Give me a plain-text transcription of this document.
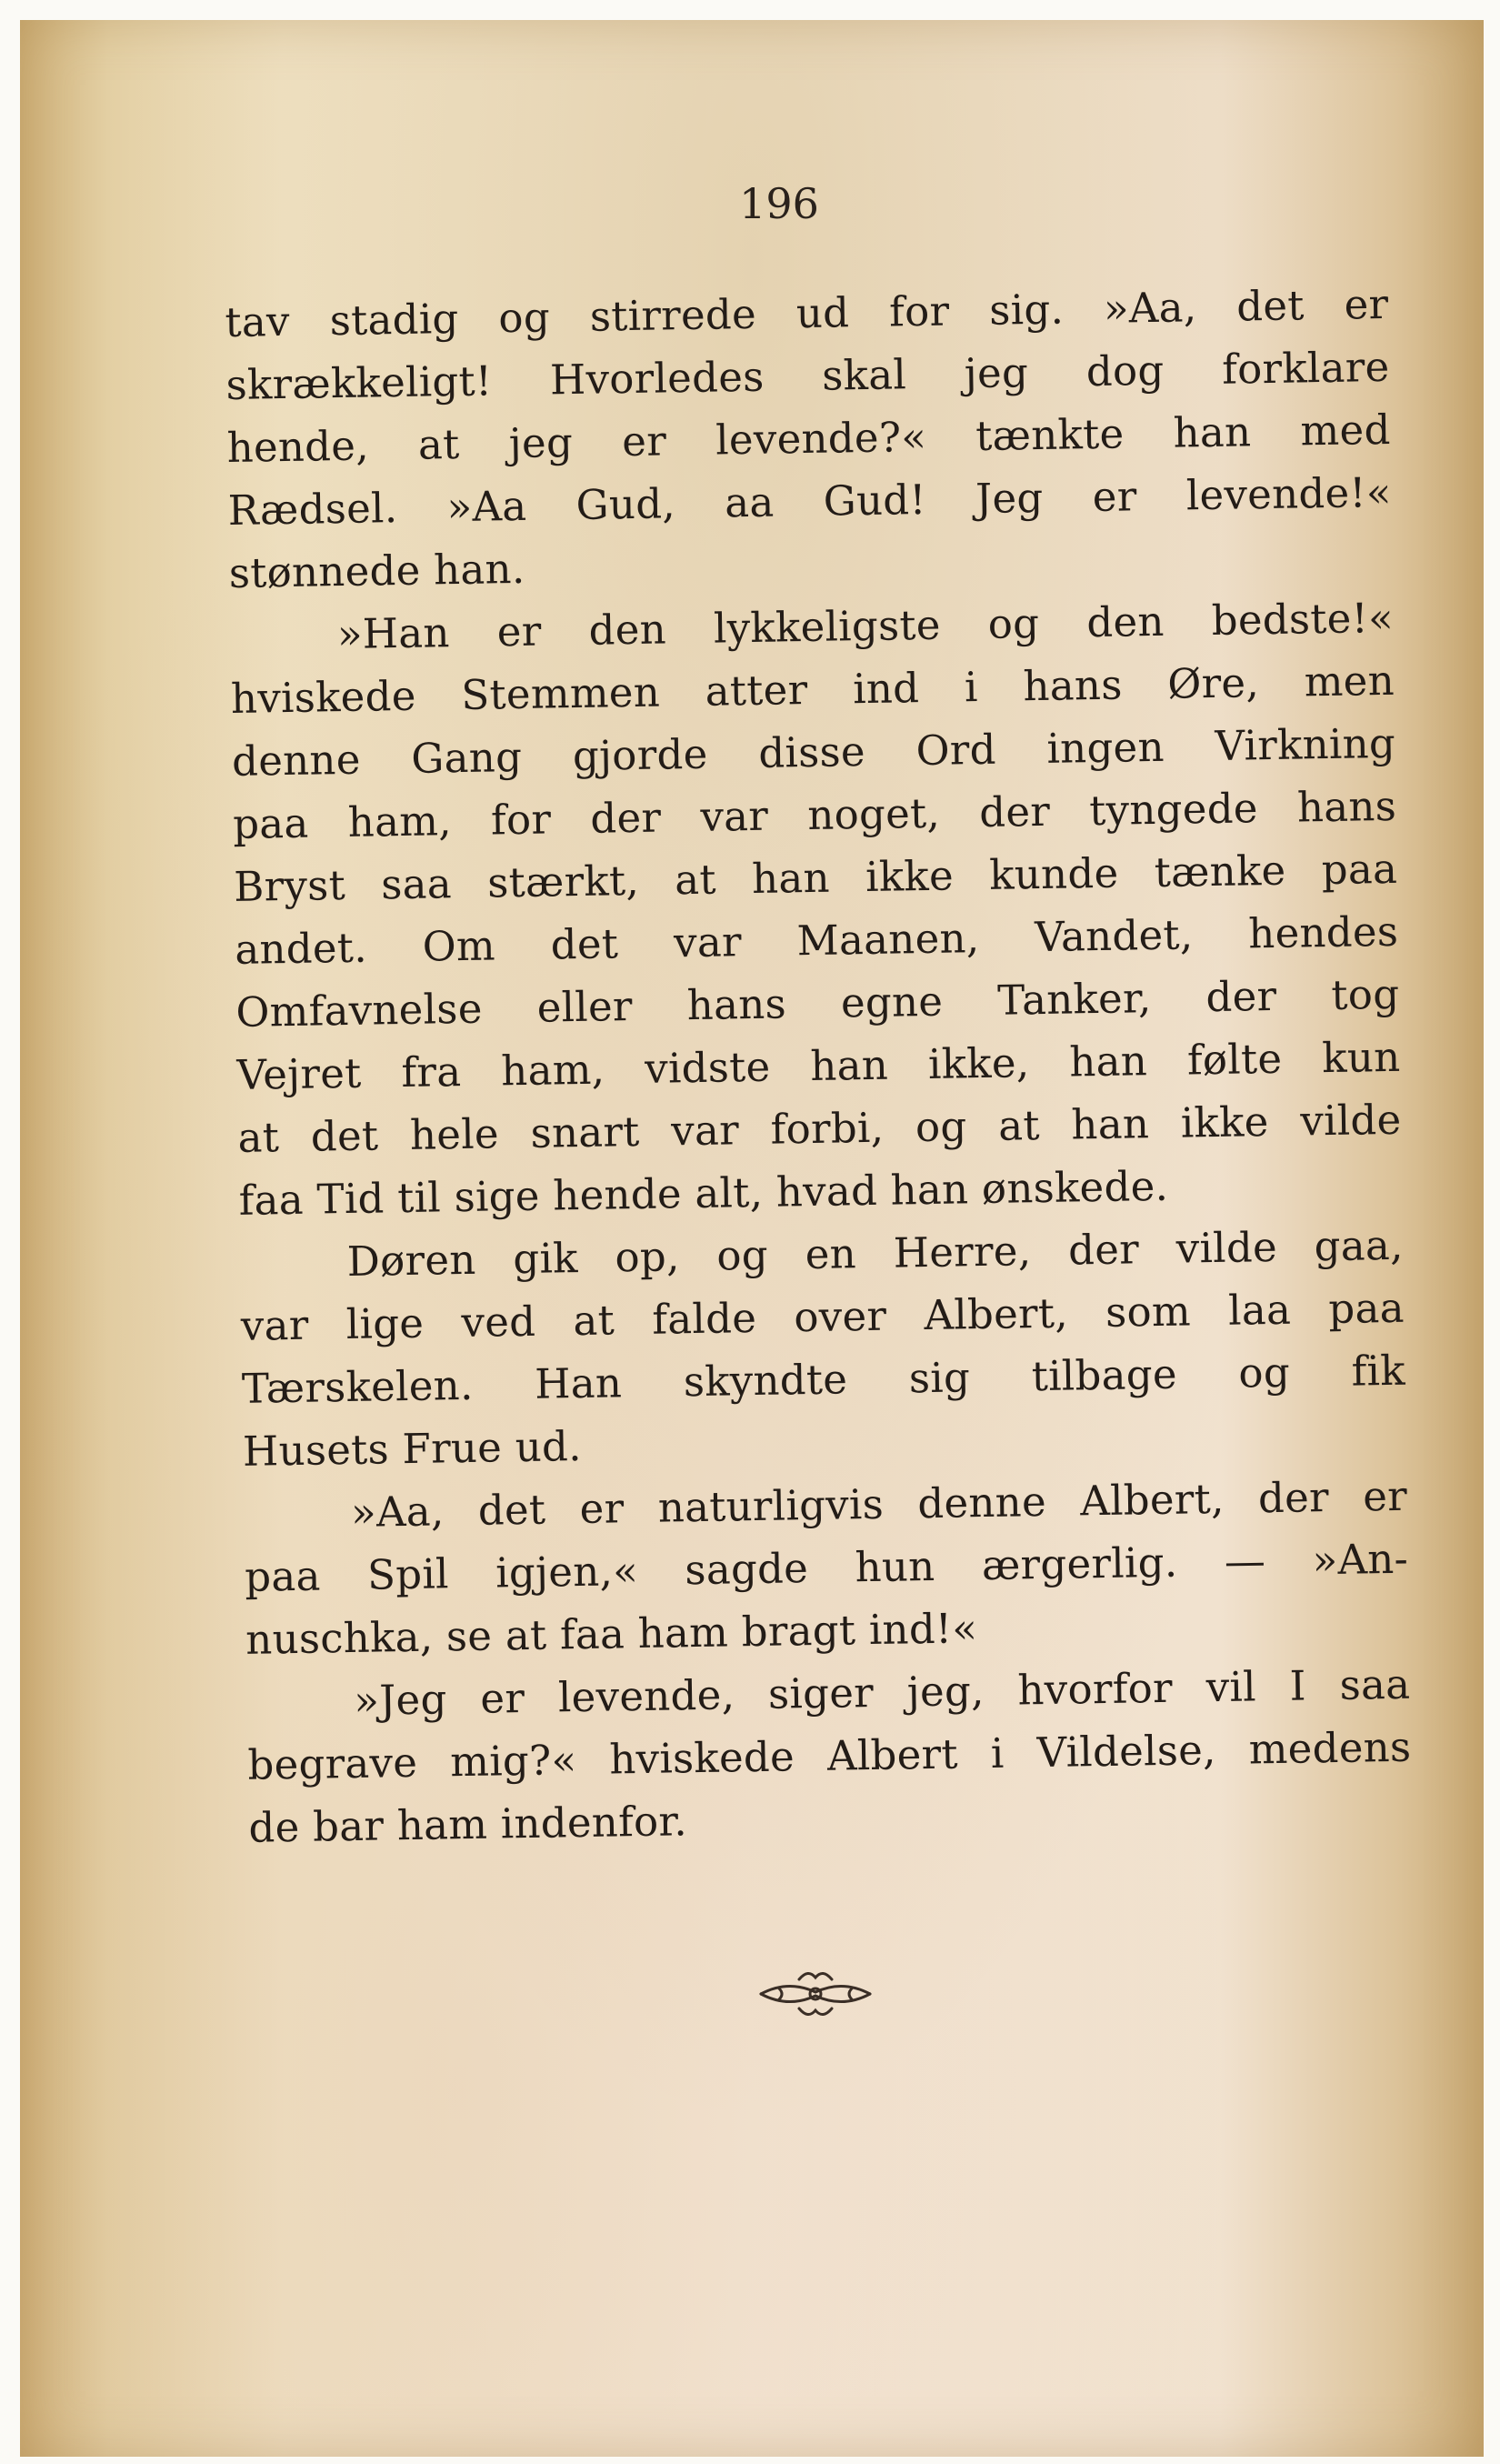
196

tav stadig og stirrede ud for sig. »Aa, det er
skrækkeligt! Hvorledes skal jeg dog forklare
hende, at jeg er levende?« tænkte han med
Rædsel. »Aa Gud, aa Gud! Jeg er levende!«
stønnede han.
»Han er den lykkeligste og den bedste!«
hviskede Stemmen atter ind i hans Øre, men
denne Gang gjorde disse Ord ingen Virkning
paa ham, for der var noget, der tyngede hans
Bryst saa stærkt, at han ikke kunde tænke paa
andet. Om det var Maanen, Vandet, hendes
Omfavnelse eller hans egne Tanker, der tog
Vejret fra ham, vidste han ikke, han følte kun
at det hele snart var forbi, og at han ikke vilde
faa Tid til sige hende alt, hvad han ønskede.
Døren gik op, og en Herre, der vilde gaa,
var lige ved at falde over Albert, som laa paa
Tærskelen. Han skyndte sig tilbage og fik
Husets Frue ud.
»Aa, det er naturligvis denne Albert, der er
paa Spil igjen,« sagde hun ærgerlig. — »An-
nuschka, se at faa ham bragt ind!«
»Jeg er levende, siger jeg, hvorfor vil I saa
begrave mig?« hviskede Albert i Vildelse, medens
de bar ham indenfor.
